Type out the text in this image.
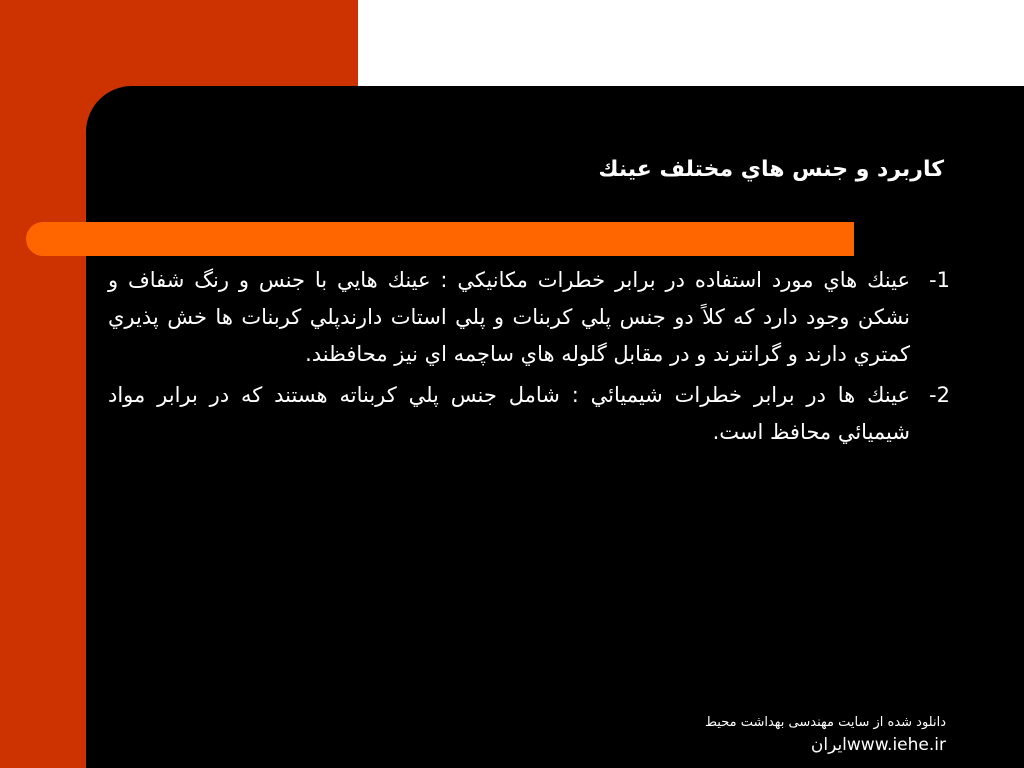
كاربرد و جنس هاي مختلف عينك
-1
عينك هاي مورد استفاده در برابر خطرات مكانيكي : عينك هايي با جنس و رنگ شفاف و نشكن وجود دارد كه كلاً دو جنس پلي كربنات و پلي استات دارندپلي كربنات ها خش پذيري كمتري دارند و گرانترند و در مقابل گلوله هاي ساچمه اي نيز محافظند.
-2
عينك ها در برابر خطرات شيميائي : شامل جنس پلي كربناته هستند كه در برابر مواد شيميائي محافظ است.
دانلود شده از سایت مهندسی بهداشت محیط
www.iehe.irایران
